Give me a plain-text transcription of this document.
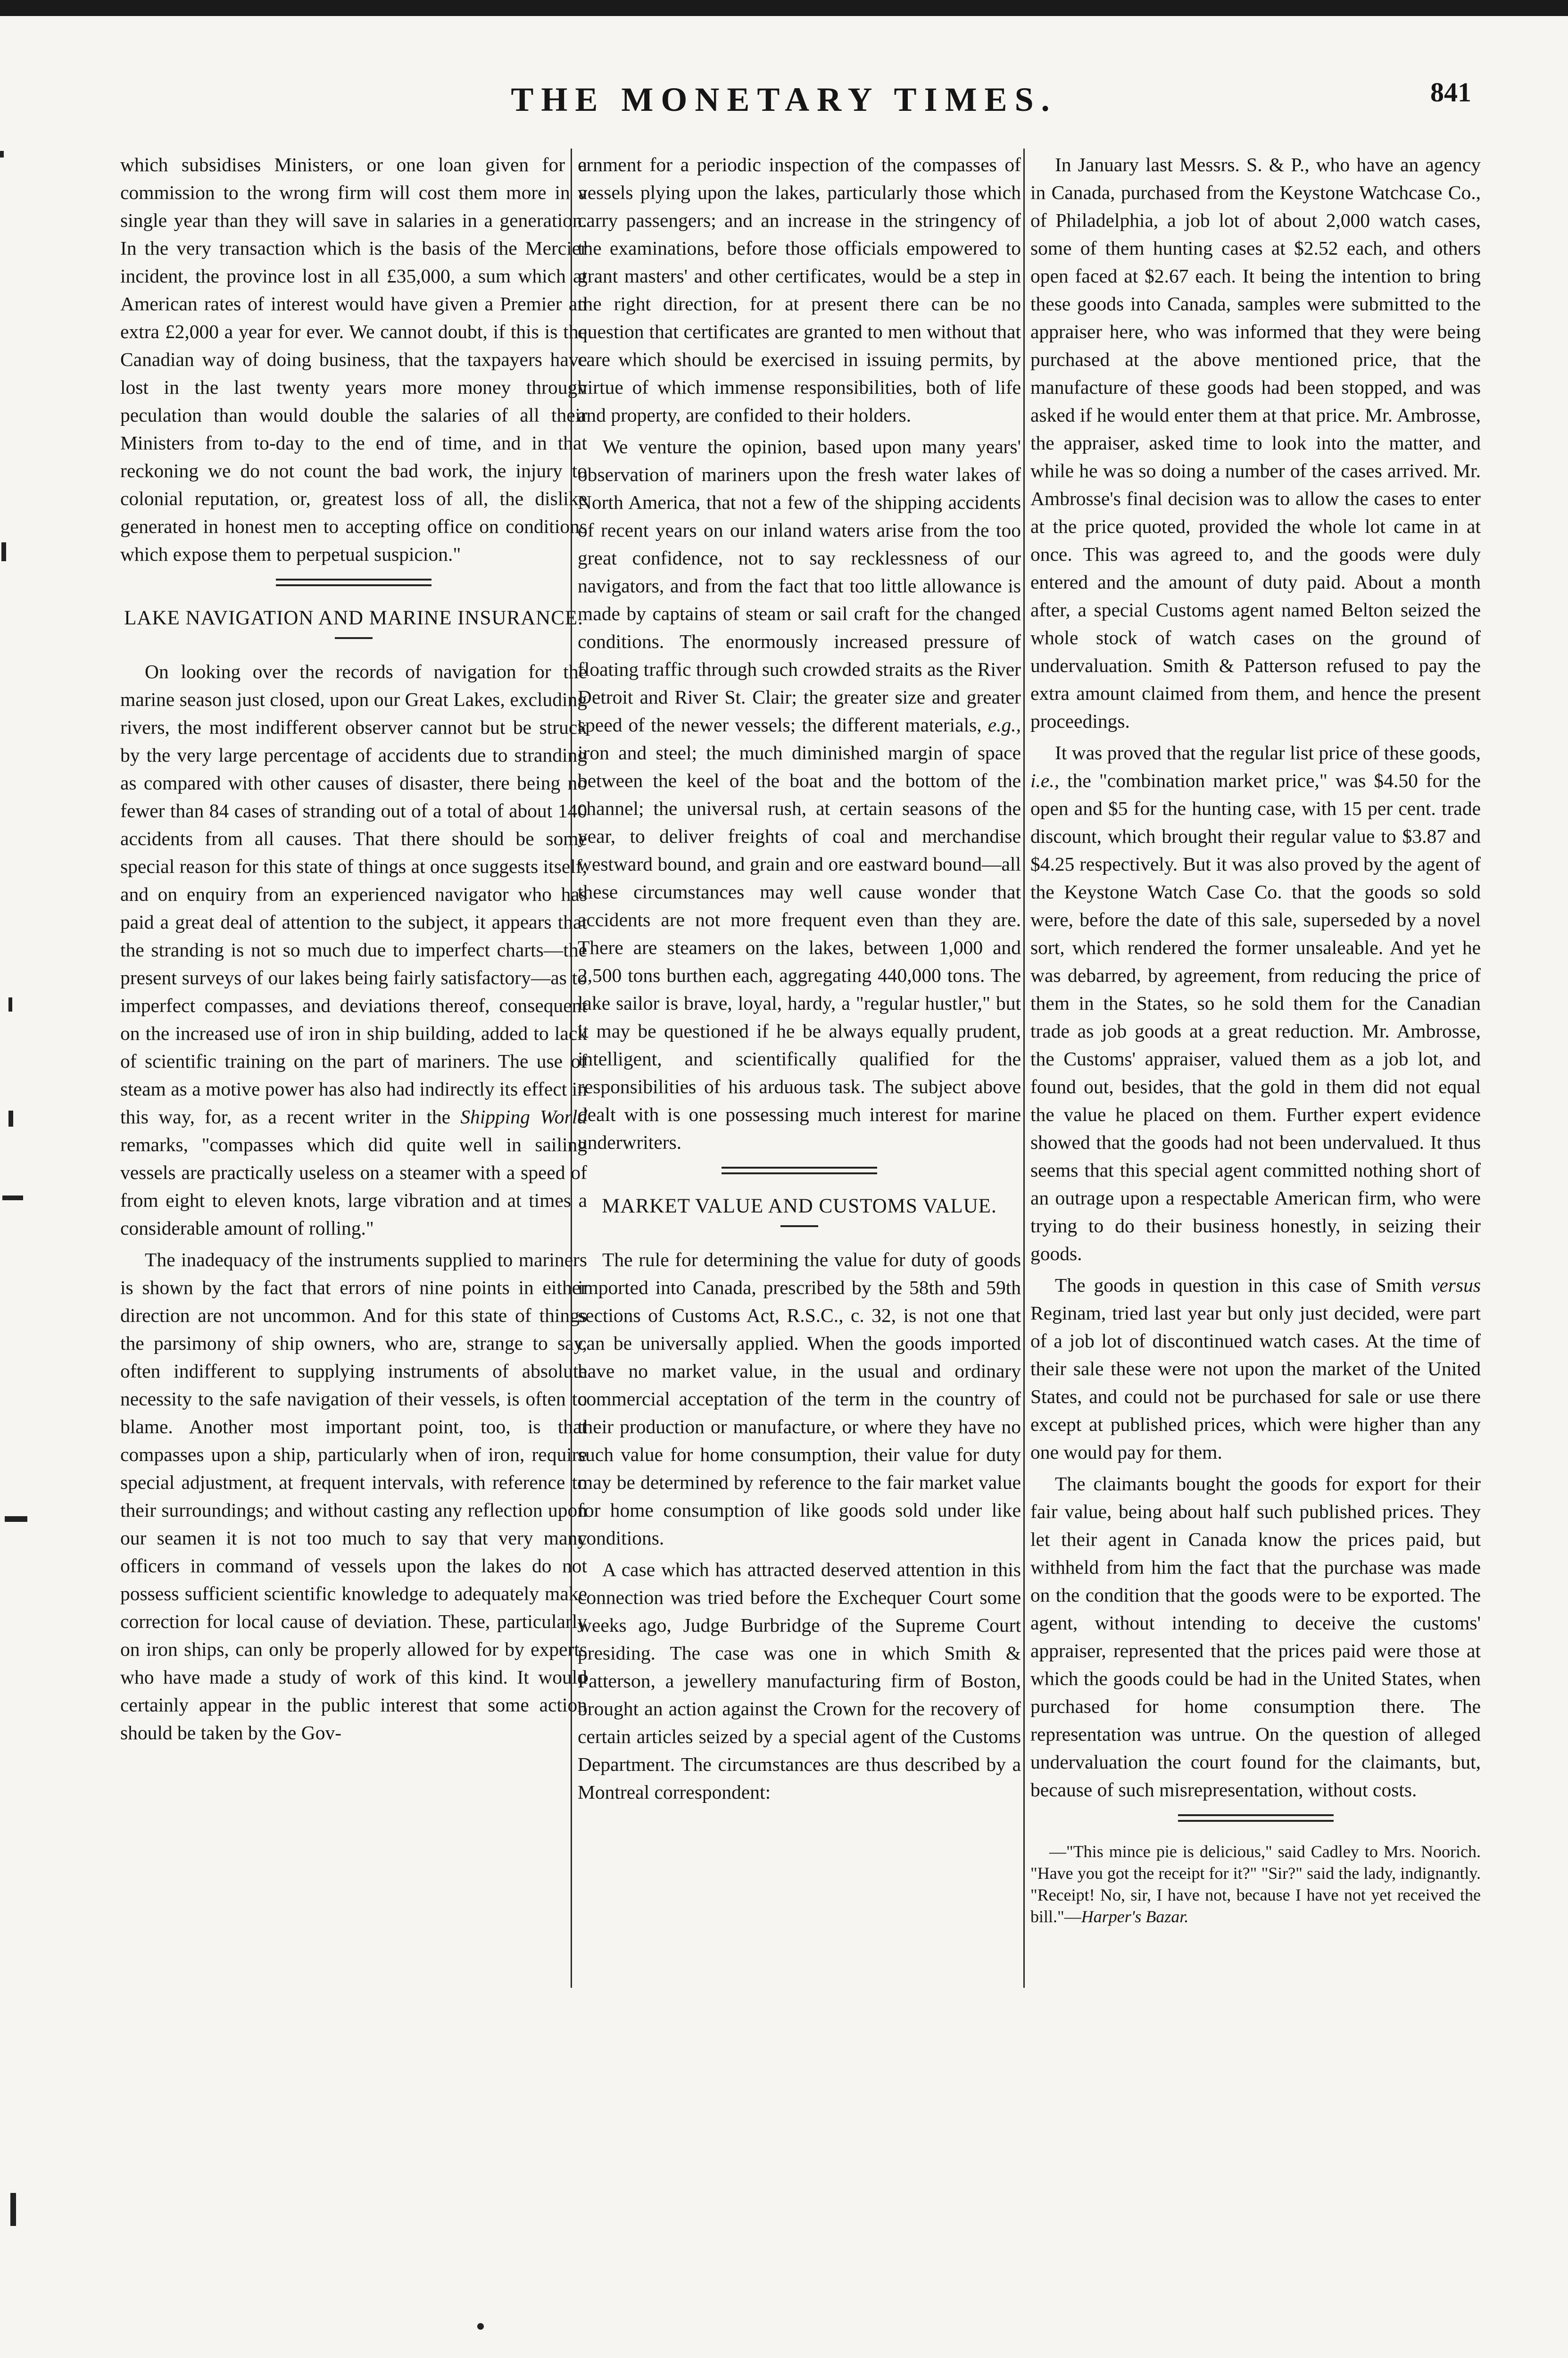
THE MONETARY TIMES.	841

which subsidises Ministers, or one loan given for a commission to the wrong firm will cost them more in a single year than they will save in salaries in a generation. In the very transaction which is the basis of the Mercier incident, the province lost in all £35,000, a sum which at American rates of interest would have given a Premier an extra £2,000 a year for ever. We cannot doubt, if this is the Canadian way of doing business, that the taxpayers have lost in the last twenty years more money through peculation than would double the salaries of all their Ministers from to-day to the end of time, and in that reckoning we do not count the bad work, the injury to colonial reputation, or, greatest loss of all, the dislike generated in honest men to accepting office on conditions which expose them to perpetual suspicion."

LAKE NAVIGATION AND MARINE INSURANCE.

On looking over the records of navigation for the marine season just closed, upon our Great Lakes, excluding rivers, the most indifferent observer cannot but be struck by the very large percentage of accidents due to stranding as compared with other causes of disaster, there being no fewer than 84 cases of stranding out of a total of about 140 accidents from all causes. That there should be some special reason for this state of things at once suggests itself, and on enquiry from an experienced navigator who has paid a great deal of attention to the subject, it appears that the stranding is not so much due to imperfect charts—the present surveys of our lakes being fairly satisfactory—as to imperfect compasses, and deviations thereof, consequent on the increased use of iron in ship building, added to lack of scientific training on the part of mariners. The use of steam as a motive power has also had indirectly its effect in this way, for, as a recent writer in the Shipping World remarks, "compasses which did quite well in sailing vessels are practically useless on a steamer with a speed of from eight to eleven knots, large vibration and at times a considerable amount of rolling."

The inadequacy of the instruments supplied to mariners is shown by the fact that errors of nine points in either direction are not uncommon. And for this state of things the parsimony of ship owners, who are, strange to say, often indifferent to supplying instruments of absolute necessity to the safe navigation of their vessels, is often to blame. Another most important point, too, is that compasses upon a ship, particularly when of iron, require special adjustment, at frequent intervals, with reference to their surroundings; and without casting any reflection upon our seamen it is not too much to say that very many officers in command of vessels upon the lakes do not possess sufficient scientific knowledge to adequately make correction for local cause of deviation. These, particularly on iron ships, can only be properly allowed for by experts who have made a study of work of this kind. It would certainly appear in the public interest that some action should be taken by the Gov-

ernment for a periodic inspection of the compasses of vessels plying upon the lakes, particularly those which carry passengers; and an increase in the stringency of the examinations, before those officials empowered to grant masters' and other certificates, would be a step in the right direction, for at present there can be no question that certificates are granted to men without that care which should be exercised in issuing permits, by virtue of which immense responsibilities, both of life and property, are confided to their holders.

We venture the opinion, based upon many years' observation of mariners upon the fresh water lakes of North America, that not a few of the shipping accidents of recent years on our inland waters arise from the too great confidence, not to say recklessness of our navigators, and from the fact that too little allowance is made by captains of steam or sail craft for the changed conditions. The enormously increased pressure of floating traffic through such crowded straits as the River Detroit and River St. Clair; the greater size and greater speed of the newer vessels; the different materials, e.g., iron and steel; the much diminished margin of space between the keel of the boat and the bottom of the channel; the universal rush, at certain seasons of the year, to deliver freights of coal and merchandise westward bound, and grain and ore eastward bound—all these circumstances may well cause wonder that accidents are not more frequent even than they are. There are steamers on the lakes, between 1,000 and 2,500 tons burthen each, aggregating 440,000 tons. The lake sailor is brave, loyal, hardy, a "regular hustler," but it may be questioned if he be always equally prudent, intelligent, and scientifically qualified for the responsibilities of his arduous task. The subject above dealt with is one possessing much interest for marine underwriters.

MARKET VALUE AND CUSTOMS VALUE.

The rule for determining the value for duty of goods imported into Canada, prescribed by the 58th and 59th sections of Customs Act, R.S.C., c. 32, is not one that can be universally applied. When the goods imported have no market value, in the usual and ordinary commercial acceptation of the term in the country of their production or manufacture, or where they have no such value for home consumption, their value for duty may be determined by reference to the fair market value for home consumption of like goods sold under like conditions.

A case which has attracted deserved attention in this connection was tried before the Exchequer Court some weeks ago, Judge Burbridge of the Supreme Court presiding. The case was one in which Smith & Patterson, a jewellery manufacturing firm of Boston, brought an action against the Crown for the recovery of certain articles seized by a special agent of the Customs Department. The circumstances are thus described by a Montreal correspondent:

In January last Messrs. S. & P., who have an agency in Canada, purchased from the Keystone Watchcase Co., of Philadelphia, a job lot of about 2,000 watch cases, some of them hunting cases at $2.52 each, and others open faced at $2.67 each. It being the intention to bring these goods into Canada, samples were submitted to the appraiser here, who was informed that they were being purchased at the above mentioned price, that the manufacture of these goods had been stopped, and was asked if he would enter them at that price. Mr. Ambrosse, the appraiser, asked time to look into the matter, and while he was so doing a number of the cases arrived. Mr. Ambrosse's final decision was to allow the cases to enter at the price quoted, provided the whole lot came in at once. This was agreed to, and the goods were duly entered and the amount of duty paid. About a month after, a special Customs agent named Belton seized the whole stock of watch cases on the ground of undervaluation. Smith & Patterson refused to pay the extra amount claimed from them, and hence the present proceedings.

It was proved that the regular list price of these goods, i.e., the "combination market price," was $4.50 for the open and $5 for the hunting case, with 15 per cent. trade discount, which brought their regular value to $3.87 and $4.25 respectively. But it was also proved by the agent of the Keystone Watch Case Co. that the goods so sold were, before the date of this sale, superseded by a novel sort, which rendered the former unsaleable. And yet he was debarred, by agreement, from reducing the price of them in the States, so he sold them for the Canadian trade as job goods at a great reduction. Mr. Ambrosse, the Customs' appraiser, valued them as a job lot, and found out, besides, that the gold in them did not equal the value he placed on them. Further expert evidence showed that the goods had not been undervalued. It thus seems that this special agent committed nothing short of an outrage upon a respectable American firm, who were trying to do their business honestly, in seizing their goods.

The goods in question in this case of Smith versus Reginam, tried last year but only just decided, were part of a job lot of discontinued watch cases. At the time of their sale these were not upon the market of the United States, and could not be purchased for sale or use there except at published prices, which were higher than any one would pay for them.

The claimants bought the goods for export for their fair value, being about half such published prices. They let their agent in Canada know the prices paid, but withheld from him the fact that the purchase was made on the condition that the goods were to be exported. The agent, without intending to deceive the customs' appraiser, represented that the prices paid were those at which the goods could be had in the United States, when purchased for home consumption there. The representation was untrue. On the question of alleged undervaluation the court found for the claimants, but, because of such misrepresentation, without costs.

—"This mince pie is delicious," said Cadley to Mrs. Noorich. "Have you got the receipt for it?" "Sir?" said the lady, indignantly. "Receipt! No, sir, I have not, because I have not yet received the bill."—Harper's Bazar.
